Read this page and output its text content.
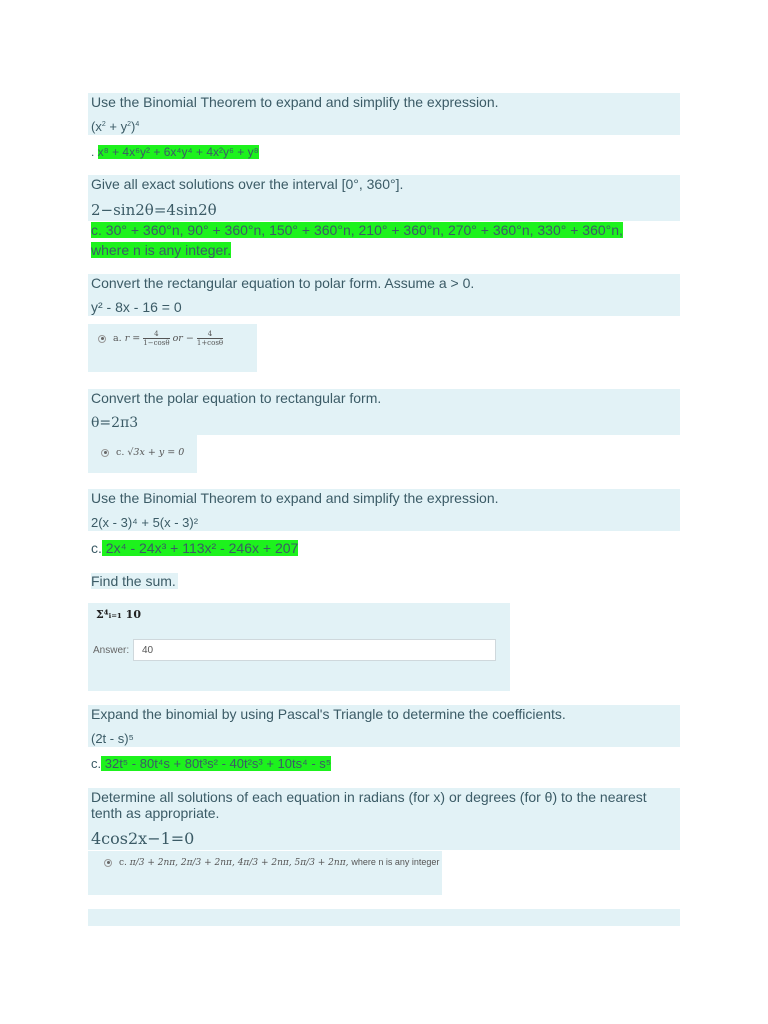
Use the Binomial Theorem to expand and simplify the expression.
$(x^2 + y^2)^4$
. x⁸ + 4x⁶y² + 6x⁴y⁴ + 4x²y⁶ + y⁸
Give all exact solutions over the interval [0°, 360°].
2−sin2θ=4sin2θ
c. 30° + 360°n, 90° + 360°n, 150° + 360°n, 210° + 360°n, 270° + 360°n, 330° + 360°n,
where n is any integer.
Convert the rectangular equation to polar form. Assume a > 0.
y² - 8x - 16 = 0
a. $r = \frac{4}{1-\cos\theta}$ or − $\frac{4}{1+\cos\theta}$
Convert the polar equation to rectangular form.
θ=2π3
c. √3x + y = 0
Use the Binomial Theorem to expand and simplify the expression.
2(x - 3)⁴ + 5(x - 3)²
c. 2x⁴ - 24x³ + 113x² - 246x + 207
Find the sum.
Σ⁴ᵢ₌₁ 10
Answer:	40
Expand the binomial by using Pascal's Triangle to determine the coefficients.
(2t - s)⁵
c. 32t⁵ - 80t⁴s + 80t³s² - 40t²s³ + 10ts⁴ - s⁵
Determine all solutions of each equation in radians (for x) or degrees (for θ) to the nearest
tenth as appropriate.
4cos2x−1=0
c. π/3 + 2nπ, 2π/3 + 2nπ, 4π/3 + 2nπ, 5π/3 + 2nπ, where n is any integer
